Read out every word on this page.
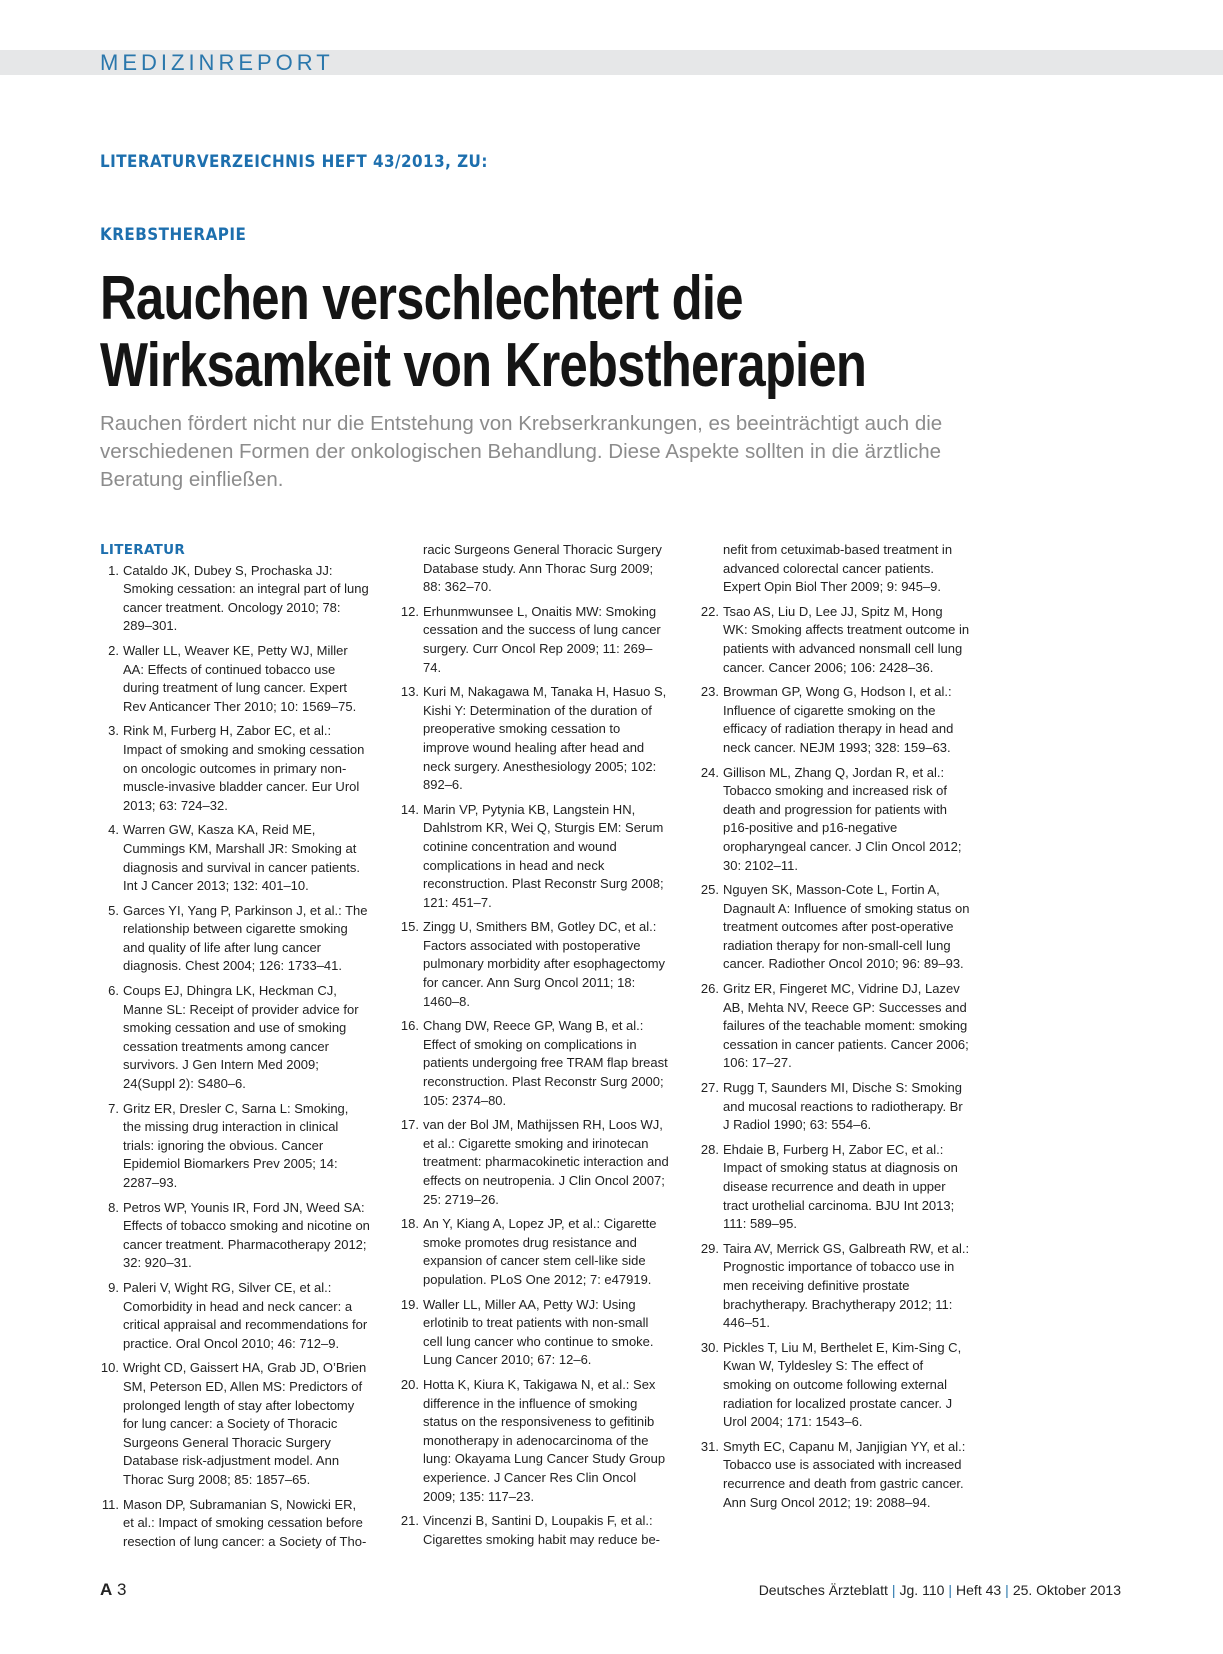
MEDIZINREPORT
LITERATURVERZEICHNIS HEFT 43/2013, ZU:
KREBSTHERAPIE
Rauchen verschlechtert die
Wirksamkeit von Krebstherapien
Rauchen fördert nicht nur die Entstehung von Krebserkrankungen, es beeinträchtigt auch die verschiedenen Formen der onkologischen Behandlung. Diese Aspekte sollten in die ärztliche Beratung einfließen.
LITERATUR
1. Cataldo JK, Dubey S, Prochaska JJ: Smoking cessation: an integral part of lung cancer treatment. Oncology 2010; 78: 289–301.
2. Waller LL, Weaver KE, Petty WJ, Miller AA: Effects of continued tobacco use during treatment of lung cancer. Expert Rev Anticancer Ther 2010; 10: 1569–75.
3. Rink M, Furberg H, Zabor EC, et al.: Impact of smoking and smoking cessation on oncologic outcomes in primary non-muscle-invasive bladder cancer. Eur Urol 2013; 63: 724–32.
4. Warren GW, Kasza KA, Reid ME, Cummings KM, Marshall JR: Smoking at diagnosis and survival in cancer patients. Int J Cancer 2013; 132: 401–10.
5. Garces YI, Yang P, Parkinson J, et al.: The relationship between cigarette smoking and quality of life after lung cancer diagnosis. Chest 2004; 126: 1733–41.
6. Coups EJ, Dhingra LK, Heckman CJ, Manne SL: Receipt of provider advice for smoking cessation and use of smoking cessation treatments among cancer survivors. J Gen Intern Med 2009; 24(Suppl 2): S480–6.
7. Gritz ER, Dresler C, Sarna L: Smoking, the missing drug interaction in clinical trials: ignoring the obvious. Cancer Epidemiol Biomarkers Prev 2005; 14: 2287–93.
8. Petros WP, Younis IR, Ford JN, Weed SA: Effects of tobacco smoking and nicotine on cancer treatment. Pharmacotherapy 2012; 32: 920–31.
9. Paleri V, Wight RG, Silver CE, et al.: Comorbidity in head and neck cancer: a critical appraisal and recommendations for practice. Oral Oncol 2010; 46: 712–9.
10. Wright CD, Gaissert HA, Grab JD, O’Brien SM, Peterson ED, Allen MS: Predictors of prolonged length of stay after lobectomy for lung cancer: a Society of Thoracic Surgeons General Thoracic Surgery Database risk-adjustment model. Ann Thorac Surg 2008; 85: 1857–65.
11. Mason DP, Subramanian S, Nowicki ER, et al.: Impact of smoking cessation before resection of lung cancer: a Society of Tho-
racic Surgeons General Thoracic Surgery Database study. Ann Thorac Surg 2009; 88: 362–70.
12. Erhunmwunsee L, Onaitis MW: Smoking cessation and the success of lung cancer surgery. Curr Oncol Rep 2009; 11: 269–74.
13. Kuri M, Nakagawa M, Tanaka H, Hasuo S, Kishi Y: Determination of the duration of preoperative smoking cessation to improve wound healing after head and neck surgery. Anesthesiology 2005; 102: 892–6.
14. Marin VP, Pytynia KB, Langstein HN, Dahlstrom KR, Wei Q, Sturgis EM: Serum cotinine concentration and wound complications in head and neck reconstruction. Plast Reconstr Surg 2008; 121: 451–7.
15. Zingg U, Smithers BM, Gotley DC, et al.: Factors associated with postoperative pulmonary morbidity after esophagectomy for cancer. Ann Surg Oncol 2011; 18: 1460–8.
16. Chang DW, Reece GP, Wang B, et al.: Effect of smoking on complications in patients undergoing free TRAM flap breast reconstruction. Plast Reconstr Surg 2000; 105: 2374–80.
17. van der Bol JM, Mathijssen RH, Loos WJ, et al.: Cigarette smoking and irinotecan treatment: pharmacokinetic interaction and effects on neutropenia. J Clin Oncol 2007; 25: 2719–26.
18. An Y, Kiang A, Lopez JP, et al.: Cigarette smoke promotes drug resistance and expansion of cancer stem cell-like side population. PLoS One 2012; 7: e47919.
19. Waller LL, Miller AA, Petty WJ: Using erlotinib to treat patients with non-small cell lung cancer who continue to smoke. Lung Cancer 2010; 67: 12–6.
20. Hotta K, Kiura K, Takigawa N, et al.: Sex difference in the influence of smoking status on the responsiveness to gefitinib monotherapy in adenocarcinoma of the lung: Okayama Lung Cancer Study Group experience. J Cancer Res Clin Oncol 2009; 135: 117–23.
21. Vincenzi B, Santini D, Loupakis F, et al.: Cigarettes smoking habit may reduce be-
nefit from cetuximab-based treatment in advanced colorectal cancer patients. Expert Opin Biol Ther 2009; 9: 945–9.
22. Tsao AS, Liu D, Lee JJ, Spitz M, Hong WK: Smoking affects treatment outcome in patients with advanced nonsmall cell lung cancer. Cancer 2006; 106: 2428–36.
23. Browman GP, Wong G, Hodson I, et al.: Influence of cigarette smoking on the efficacy of radiation therapy in head and neck cancer. NEJM 1993; 328: 159–63.
24. Gillison ML, Zhang Q, Jordan R, et al.: Tobacco smoking and increased risk of death and progression for patients with p16-positive and p16-negative oropharyngeal cancer. J Clin Oncol 2012; 30: 2102–11.
25. Nguyen SK, Masson-Cote L, Fortin A, Dagnault A: Influence of smoking status on treatment outcomes after post-operative radiation therapy for non-small-cell lung cancer. Radiother Oncol 2010; 96: 89–93.
26. Gritz ER, Fingeret MC, Vidrine DJ, Lazev AB, Mehta NV, Reece GP: Successes and failures of the teachable moment: smoking cessation in cancer patients. Cancer 2006; 106: 17–27.
27. Rugg T, Saunders MI, Dische S: Smoking and mucosal reactions to radiotherapy. Br J Radiol 1990; 63: 554–6.
28. Ehdaie B, Furberg H, Zabor EC, et al.: Impact of smoking status at diagnosis on disease recurrence and death in upper tract urothelial carcinoma. BJU Int 2013; 111: 589–95.
29. Taira AV, Merrick GS, Galbreath RW, et al.: Prognostic importance of tobacco use in men receiving definitive prostate brachytherapy. Brachytherapy 2012; 11: 446–51.
30. Pickles T, Liu M, Berthelet E, Kim-Sing C, Kwan W, Tyldesley S: The effect of smoking on outcome following external radiation for localized prostate cancer. J Urol 2004; 171: 1543–6.
31. Smyth EC, Capanu M, Janjigian YY, et al.: Tobacco use is associated with increased recurrence and death from gastric cancer. Ann Surg Oncol 2012; 19: 2088–94.
A 3	Deutsches Ärzteblatt | Jg. 110 | Heft 43 | 25. Oktober 2013
